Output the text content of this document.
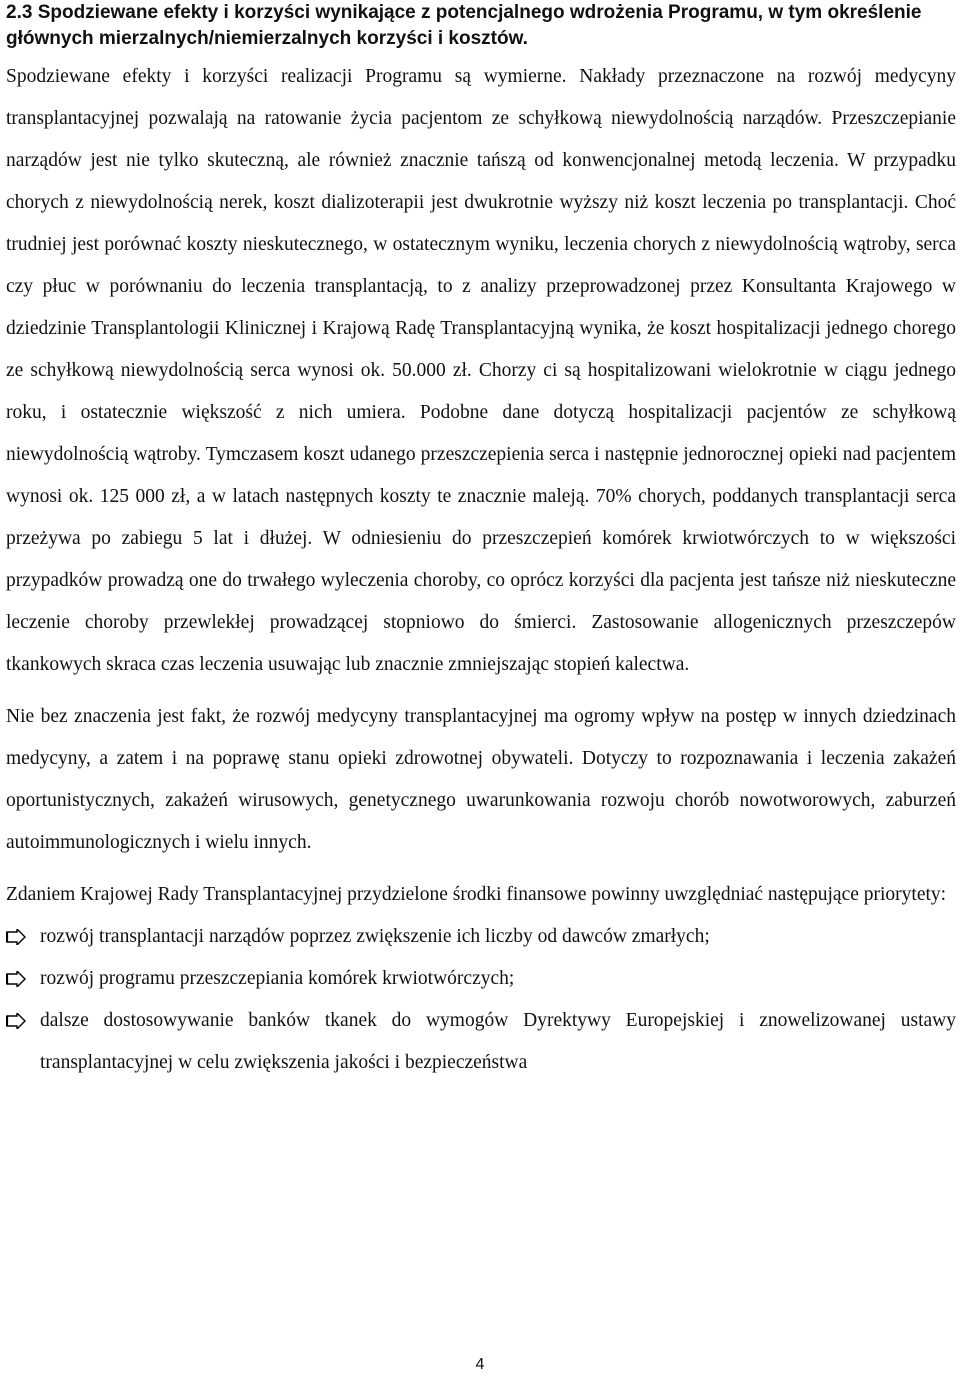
2.3 Spodziewane efekty i korzyści wynikające z potencjalnego wdrożenia Programu, w tym określenie głównych mierzalnych/niemierzalnych korzyści i kosztów.

Spodziewane efekty i korzyści realizacji Programu są wymierne. Nakłady przeznaczone na rozwój medycyny transplantacyjnej pozwalają na ratowanie życia pacjentom ze schyłkową niewydolnością narządów. Przeszczepianie narządów jest nie tylko skuteczną, ale również znacznie tańszą od konwencjonalnej metodą leczenia. W przypadku chorych z niewydolnością nerek, koszt dializoterapii jest dwukrotnie wyższy niż koszt leczenia po transplantacji. Choć trudniej jest porównać koszty nieskutecznego, w ostatecznym wyniku, leczenia chorych z niewydolnością wątroby, serca czy płuc w porównaniu do leczenia transplantacją, to z analizy przeprowadzonej przez Konsultanta Krajowego w dziedzinie Transplantologii Klinicznej i Krajową Radę Transplantacyjną wynika, że koszt hospitalizacji jednego chorego ze schyłkową niewydolnością serca wynosi ok. 50.000 zł. Chorzy ci są hospitalizowani wielokrotnie w ciągu jednego roku, i ostatecznie większość z nich umiera. Podobne dane dotyczą hospitalizacji pacjentów ze schyłkową niewydolnością wątroby. Tymczasem koszt udanego przeszczepienia serca i następnie jednorocznej opieki nad pacjentem wynosi ok. 125 000 zł, a w latach następnych koszty te znacznie maleją. 70% chorych, poddanych transplantacji serca przeżywa po zabiegu 5 lat i dłużej. W odniesieniu do przeszczepień komórek krwiotwórczych to w większości przypadków prowadzą one do trwałego wyleczenia choroby, co oprócz korzyści dla pacjenta jest tańsze niż nieskuteczne leczenie choroby przewlekłej prowadzącej stopniowo do śmierci. Zastosowanie allogenicznych przeszczepów tkankowych skraca czas leczenia usuwając lub znacznie zmniejszając stopień kalectwa.

Nie bez znaczenia jest fakt, że rozwój medycyny transplantacyjnej ma ogromy wpływ na postęp w innych dziedzinach medycyny, a zatem i na poprawę stanu opieki zdrowotnej obywateli. Dotyczy to rozpoznawania i leczenia zakażeń oportunistycznych, zakażeń wirusowych, genetycznego uwarunkowania rozwoju chorób nowotworowych, zaburzeń autoimmunologicznych i wielu innych.

Zdaniem Krajowej Rady Transplantacyjnej przydzielone środki finansowe powinny uwzględniać następujące priorytety:

rozwój transplantacji narządów poprzez zwiększenie ich liczby od dawców zmarłych;
rozwój programu przeszczepiania komórek krwiotwórczych;
dalsze dostosowywanie banków tkanek do wymogów Dyrektywy Europejskiej i znowelizowanej ustawy transplantacyjnej w celu zwiększenia jakości i bezpieczeństwa
4
